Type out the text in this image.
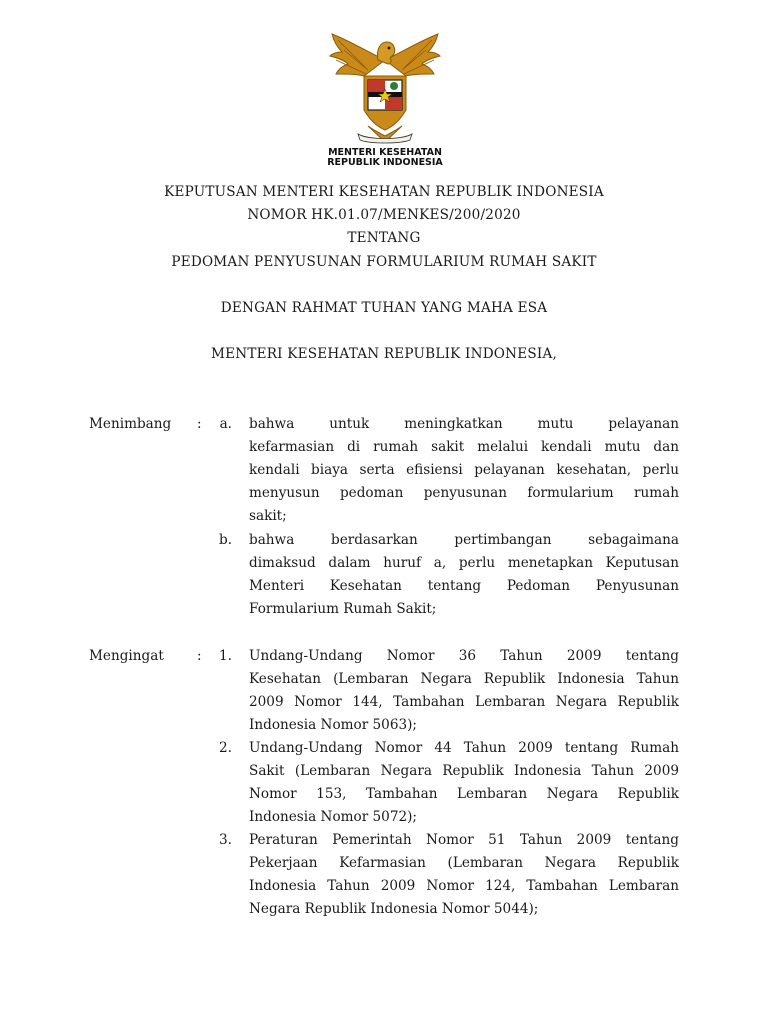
MENTERI KESEHATAN
REPUBLIK INDONESIA
KEPUTUSAN MENTERI KESEHATAN REPUBLIK INDONESIA
NOMOR HK.01.07/MENKES/200/2020
TENTANG
PEDOMAN PENYUSUNAN FORMULARIUM RUMAH SAKIT
DENGAN RAHMAT TUHAN YANG MAHA ESA
MENTERI KESEHATAN REPUBLIK INDONESIA,
Menimbang :	a. bahwa untuk meningkatkan mutu pelayanan
kefarmasian di rumah sakit melalui kendali mutu dan
kendali biaya serta efisiensi pelayanan kesehatan, perlu
menyusun pedoman penyusunan formularium rumah
sakit;
b. bahwa berdasarkan pertimbangan sebagaimana
dimaksud dalam huruf a, perlu menetapkan Keputusan
Menteri Kesehatan tentang Pedoman Penyusunan
Formularium Rumah Sakit;
Mengingat :	1. Undang-Undang Nomor 36 Tahun 2009 tentang
Kesehatan (Lembaran Negara Republik Indonesia Tahun
2009 Nomor 144, Tambahan Lembaran Negara Republik
Indonesia Nomor 5063);
2. Undang-Undang Nomor 44 Tahun 2009 tentang Rumah
Sakit (Lembaran Negara Republik Indonesia Tahun 2009
Nomor 153, Tambahan Lembaran Negara Republik
Indonesia Nomor 5072);
3. Peraturan Pemerintah Nomor 51 Tahun 2009 tentang
Pekerjaan Kefarmasian (Lembaran Negara Republik
Indonesia Tahun 2009 Nomor 124, Tambahan Lembaran
Negara Republik Indonesia Nomor 5044);
